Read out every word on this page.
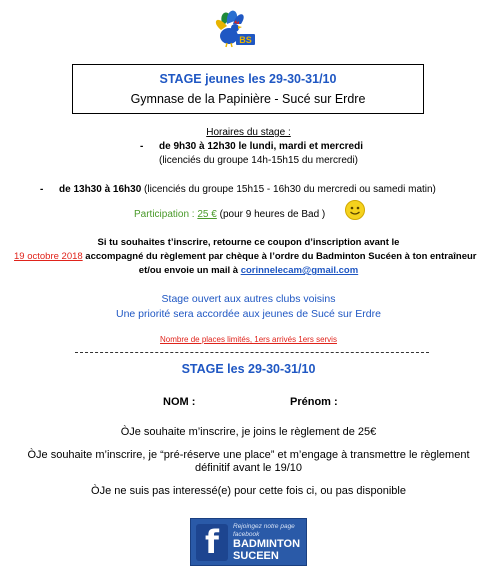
BS
STAGE jeunes les 29-30-31/10
Gymnase de la Papinière - Sucé sur Erdre
Horaires du stage :
- de 9h30 à 12h30 le lundi, mardi et mercredi
(licenciés du groupe 14h-15h15 du mercredi)
- de 13h30 à 16h30 (licenciés du groupe 15h15 - 16h30 du mercredi ou samedi matin)
Participation : 25 € (pour 9 heures de Bad )
Si tu souhaites t’inscrire, retourne ce coupon d’inscription avant le
19 octobre 2018 accompagné du règlement par chèque à l’ordre du Badminton Sucéen à ton entraîneur
et/ou envoie un mail à corinnelecam@gmail.com
Stage ouvert aux autres clubs voisins
Une priorité sera accordée aux jeunes de Sucé sur Erdre
Nombre de places limités, 1ers arrivés 1ers servis
STAGE les 29-30-31/10
NOM :	Prénom :
ÒJe souhaite m’inscrire, je joins le règlement de 25€
ÒJe souhaite m’inscrire, je “pré-réserve une place” et m’engage à transmettre le règlement
définitif avant le 19/10
ÒJe ne suis pas interessé(e) pour cette fois ci, ou pas disponible
f	Rejoingez notre page
facebook
BADMINTON
SUCEEN
